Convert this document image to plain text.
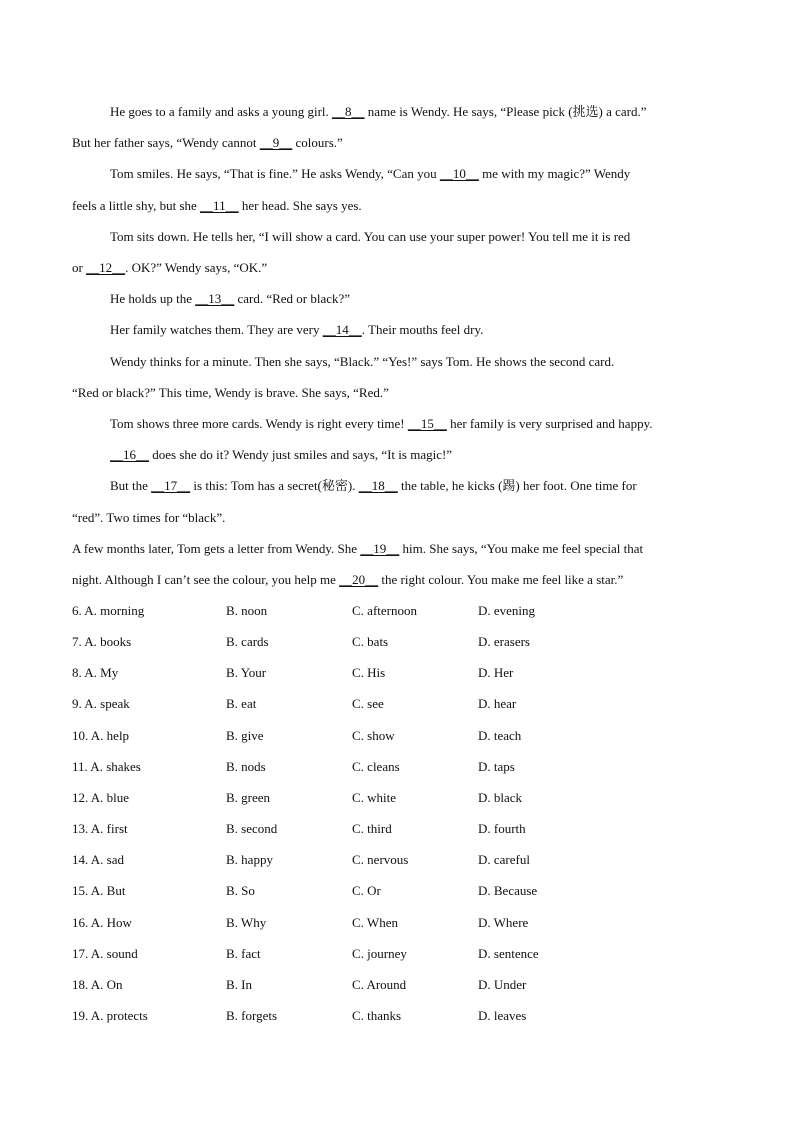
He goes to a family and asks a young girl. __8__ name is Wendy. He says, “Please pick (挑选) a card.”
But her father says, “Wendy cannot __9__ colours.”
Tom smiles. He says, “That is fine.” He asks Wendy, “Can you __10__ me with my magic?” Wendy
feels a little shy, but she __11__ her head. She says yes.
Tom sits down. He tells her, “I will show a card. You can use your super power! You tell me it is red
or __12__. OK?” Wendy says, “OK.”
He holds up the __13__ card. “Red or black?”
Her family watches them. They are very __14__. Their mouths feel dry.
Wendy thinks for a minute. Then she says, “Black.” “Yes!” says Tom. He shows the second card.
“Red or black?” This time, Wendy is brave. She says, “Red.”
Tom shows three more cards. Wendy is right every time! __15__ her family is very surprised and happy.
__16__ does she do it? Wendy just smiles and says, “It is magic!”
But the __17__ is this: Tom has a secret(秘密). __18__ the table, he kicks (踢) her foot. One time for
“red”. Two times for “black”.
A few months later, Tom gets a letter from Wendy. She __19__ him. She says, “You make me feel special that
night. Although I can’t see the colour, you help me __20__ the right colour. You make me feel like a star.”
6. A. morning	B. noon	C. afternoon	D. evening
7. A. books	B. cards	C. bats	D. erasers
8. A. My	B. Your	C. His	D. Her
9. A. speak	B. eat	C. see	D. hear
10. A. help	B. give	C. show	D. teach
11. A. shakes	B. nods	C. cleans	D. taps
12. A. blue	B. green	C. white	D. black
13. A. first	B. second	C. third	D. fourth
14. A. sad	B. happy	C. nervous	D. careful
15. A. But	B. So	C. Or	D. Because
16. A. How	B. Why	C. When	D. Where
17. A. sound	B. fact	C. journey	D. sentence
18. A. On	B. In	C. Around	D. Under
19. A. protects	B. forgets	C. thanks	D. leaves
